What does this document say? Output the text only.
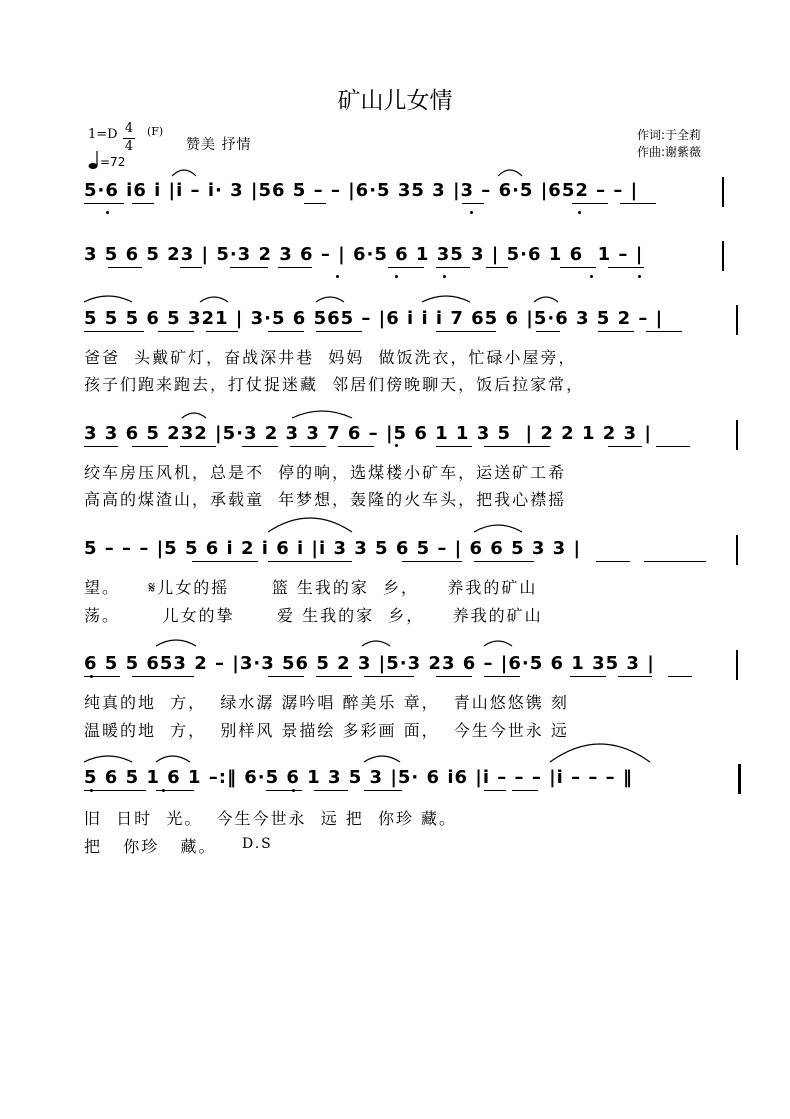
矿山儿女情
1=D 4
4
(F)
赞美 抒情
=72
作词:于全莉
作曲:谢紫薇
5·6 i6 i |i – i· 3 |56 5 – – |6·5 35 3 |3 – 6·5 |652 – – |
3 5 6 5 23 | 5·3 2 3 6 – | 6·5 6 1 35 3 | 5·6 1 6  1 – |
5 5 5 6 5 321 | 3·5 6 565 – |6 i i i 7 65 6 |5·6 3 5 2 – |
3 3 6 5 232 |5·3 2 3 3 7 6 – |5 6 1 1 3 5  | 2 2 1 2 3 |
5 – – – |5 5 6 i 2 i 6 i |i 3 3 5 6 5 – | 6 6 5 3 3 |
6 5 5 653 2 – |3·3 56 5 2 3 |5·3 23 6 – |6·5 6 1 35 3 |
5 6 5 1 6 1 –:‖ 6·5 6 1 3 5 3 |5· 6 i6 |i – – – |i – – – ‖
爸爸  头戴矿灯，奋战深井巷  妈妈  做饭洗衣，忙碌小屋旁，
孩子们跑来跑去，打仗捉迷藏  邻居们傍晚聊天，饭后拉家常，
绞车房压风机，总是不  停的响，选煤楼小矿车，运送矿工希
高高的煤渣山，承载童  年梦想，轰隆的火车头，把我心襟摇
望。    𝄋儿女的摇      篮 生我的家  乡，    养我的矿山
荡。      儿女的挚      爱 生我的家  乡，    养我的矿山
纯真的地  方，  绿水潺 潺吟唱 醉美乐 章，  青山悠悠镌 刻
温暖的地  方，  别样风 景描绘 多彩画 面，  今生今世永 远
旧  日时  光。  今生今世永  远 把  你珍 藏。
把   你珍   藏。 D.S
